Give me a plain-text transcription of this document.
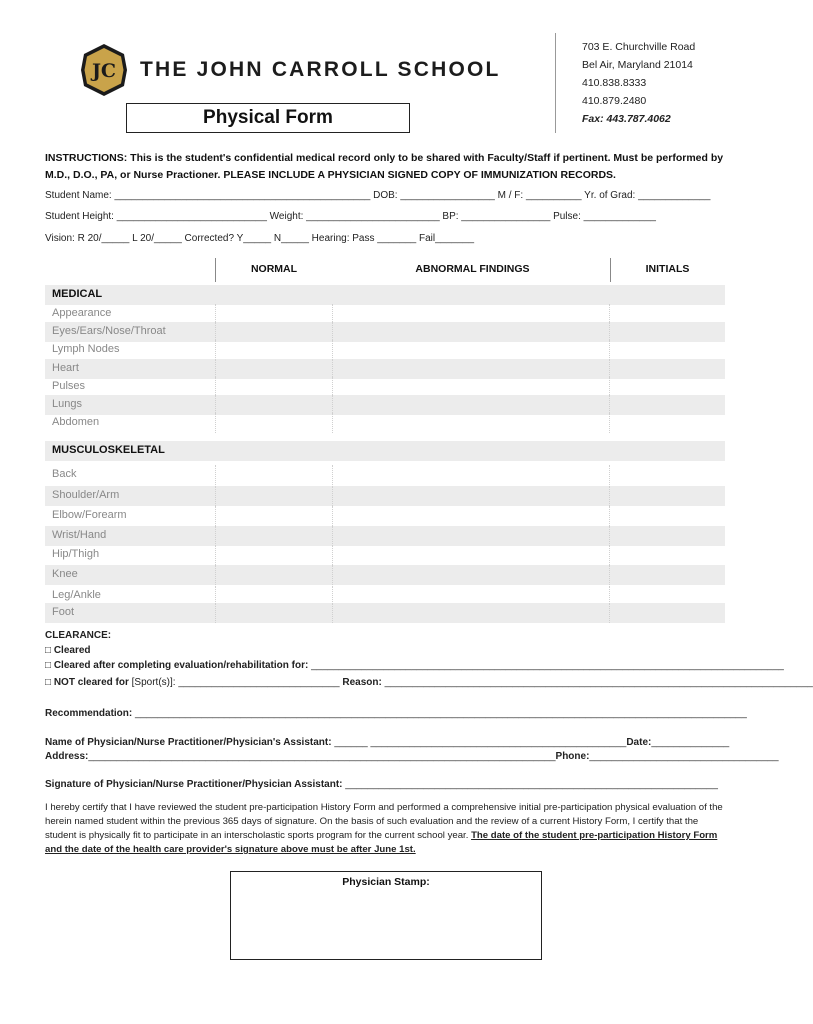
JC THE JOHN CARROLL SCHOOL
703 E. Churchville Road
Bel Air, Maryland 21014
410.838.8333
410.879.2480
Fax: 443.787.4062
Physical Form
INSTRUCTIONS: This is the student's confidential medical record only to be shared with Faculty/Staff if pertinent. Must be performed by M.D., D.O., PA, or Nurse Practioner. PLEASE INCLUDE A PHYSICIAN SIGNED COPY OF IMMUNIZATION RECORDS.
Student Name: ______________________________________________ DOB: _________________ M / F: __________ Yr. of Grad: _____________
Student Height: ___________________________ Weight: ________________________ BP: ________________ Pulse: _____________
Vision: R 20/_____ L 20/_____ Corrected? Y_____ N_____ Hearing: Pass _______ Fail_______
NORMAL	ABNORMAL FINDINGS	INITIALS
MEDICAL
Appearance
Eyes/Ears/Nose/Throat
Lymph Nodes
Heart
Pulses
Lungs
Abdomen
MUSCULOSKELETAL
Back
Shoulder/Arm
Elbow/Forearm
Wrist/Hand
Hip/Thigh
Knee
Leg/Ankle
Foot
CLEARANCE:
□ Cleared
□ Cleared after completing evaluation/rehabilitation for: _____________________________________________________________________________________
□ NOT cleared for [Sport(s)]: _____________________________ Reason: _____________________________________________________________________________
Recommendation: ______________________________________________________________________________________________________________
Name of Physician/Nurse Practitioner/Physician's Assistant: ______ ______________________________________________Date:______________
Address:____________________________________________________________________________________Phone:__________________________________
Signature of Physician/Nurse Practitioner/Physician Assistant: ___________________________________________________________________
I hereby certify that I have reviewed the student pre-participation History Form and performed a comprehensive initial pre-participation physical evaluation of the herein named student within the previous 365 days of signature. On the basis of such evaluation and the review of a current History Form, I certify that the student is physically fit to participate in an interscholastic sports program for the current school year. The date of the student pre-participation History Form and the date of the health care provider's signature above must be after June 1st.
Physician Stamp:
